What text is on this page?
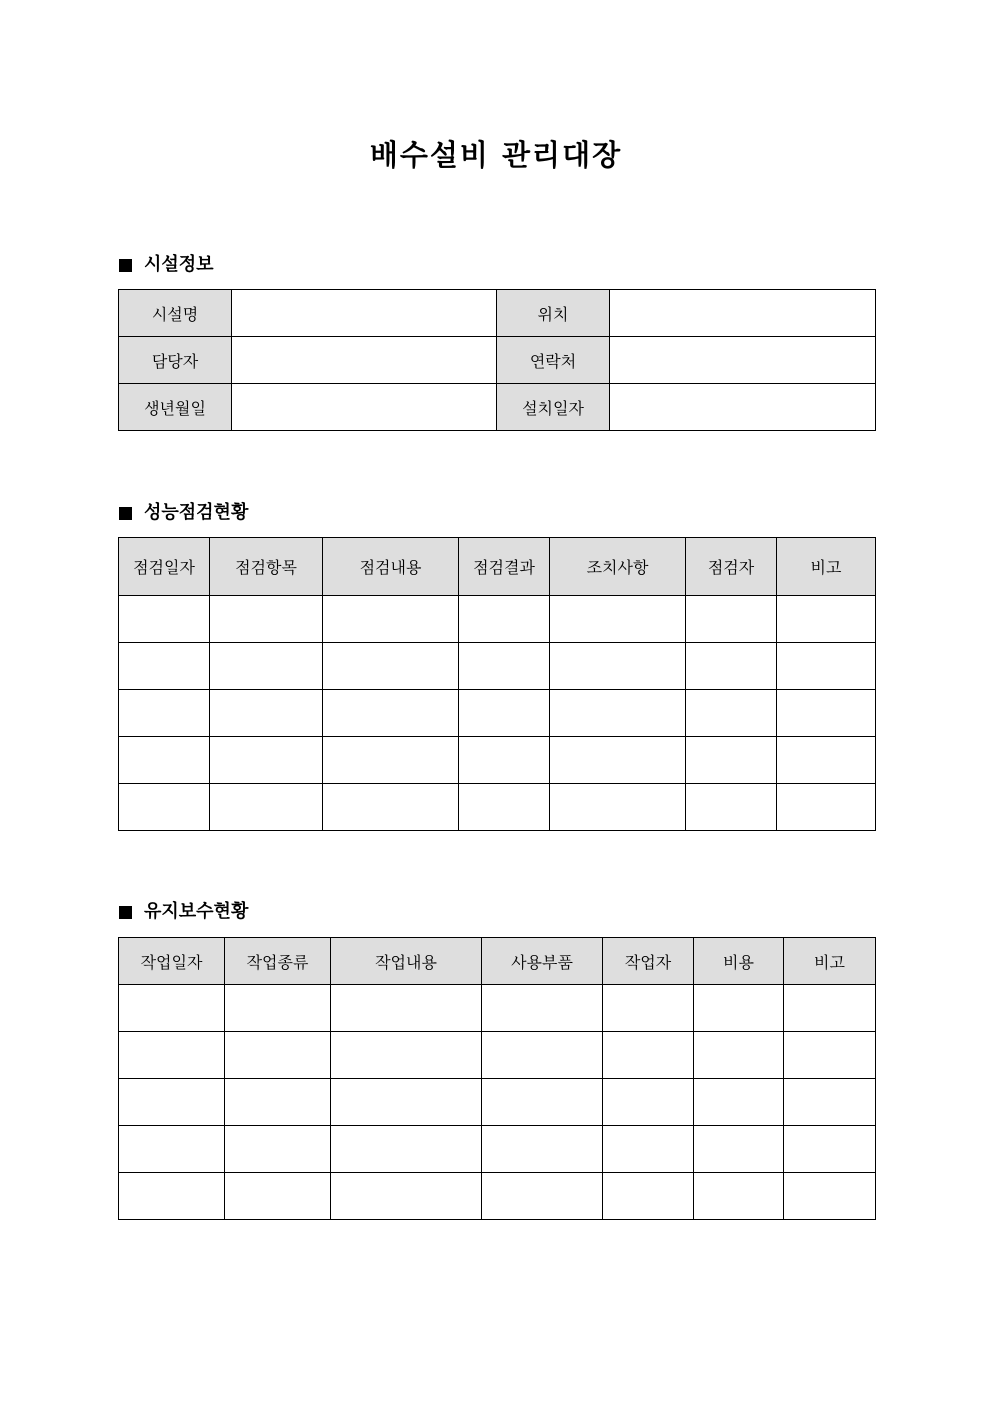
배수설비 관리대장
시설정보
시설명		위치	
담당자		연락처	
생년월일		설치일자	
성능점검현황
점검일자	점검항목	점검내용	점검결과	조치사항	점검자	비고

유지보수현황
작업일자	작업종류	작업내용	사용부품	작업자	비용	비고
